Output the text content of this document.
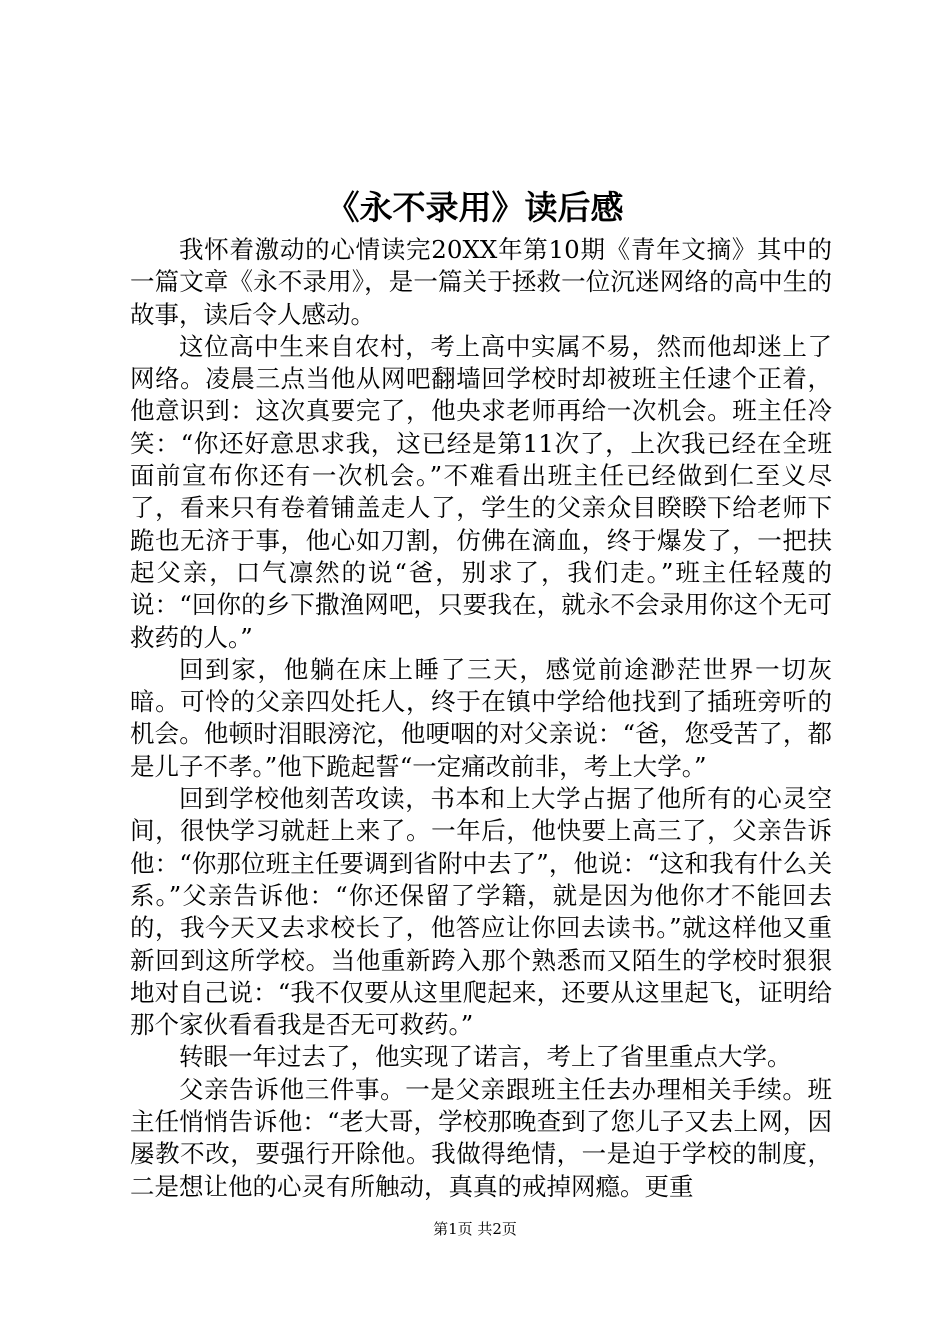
《永不录用》读后感

我怀着激动的心情读完20XX年第10期《青年文摘》其中的一篇文章《永不录用》，是一篇关于拯救一位沉迷网络的高中生的故事，读后令人感动。

这位高中生来自农村，考上高中实属不易，然而他却迷上了网络。凌晨三点当他从网吧翻墙回学校时却被班主任逮个正着，他意识到：这次真要完了，他央求老师再给一次机会。班主任冷笑：“你还好意思求我，这已经是第11次了，上次我已经在全班面前宣布你还有一次机会。”不难看出班主任已经做到仁至义尽了，看来只有卷着铺盖走人了，学生的父亲众目睽睽下给老师下跪也无济于事，他心如刀割，仿佛在滴血，终于爆发了，一把扶起父亲，口气凛然的说“爸，别求了，我们走。”班主任轻蔑的说：“回你的乡下撒渔网吧，只要我在，就永不会录用你这个无可救药的人。”

回到家，他躺在床上睡了三天，感觉前途渺茫世界一切灰暗。可怜的父亲四处托人，终于在镇中学给他找到了插班旁听的机会。他顿时泪眼滂沱，他哽咽的对父亲说：“爸，您受苦了，都是儿子不孝。”他下跪起誓“一定痛改前非，考上大学。”

回到学校他刻苦攻读，书本和上大学占据了他所有的心灵空间，很快学习就赶上来了。一年后，他快要上高三了，父亲告诉他：“你那位班主任要调到省附中去了”，他说：“这和我有什么关系。”父亲告诉他：“你还保留了学籍，就是因为他你才不能回去的，我今天又去求校长了，他答应让你回去读书。”就这样他又重新回到这所学校。当他重新跨入那个熟悉而又陌生的学校时狠狠地对自己说：“我不仅要从这里爬起来，还要从这里起飞，证明给那个家伙看看我是否无可救药。”

转眼一年过去了，他实现了诺言，考上了省里重点大学。

父亲告诉他三件事。一是父亲跟班主任去办理相关手续。班主任悄悄告诉他：“老大哥，学校那晚查到了您儿子又去上网，因屡教不改，要强行开除他。我做得绝情，一是迫于学校的制度，二是想让他的心灵有所触动，真真的戒掉网瘾。更重

第1页 共2页
